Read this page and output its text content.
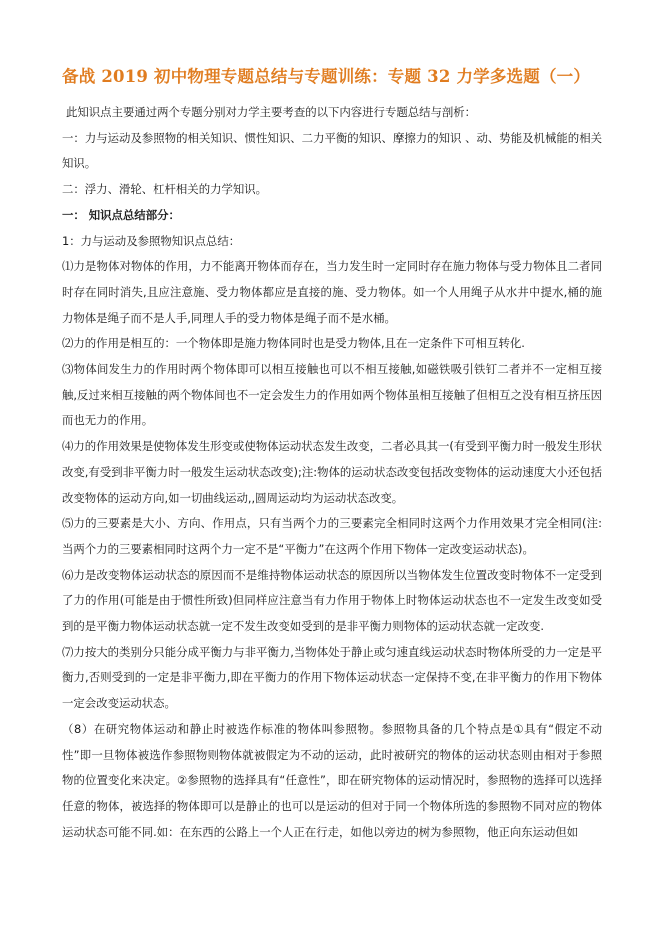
备战 2019 初中物理专题总结与专题训练：专题 32 力学多选题（一）

此知识点主要通过两个专题分别对力学主要考查的以下内容进行专题总结与剖析：

一：力与运动及参照物的相关知识、惯性知识、二力平衡的知识、摩擦力的知识 、动、势能及机械能的相关知识。

二：浮力、滑轮、杠杆相关的力学知识。

一： 知识点总结部分：

1：力与运动及参照物知识点总结：

⑴力是物体对物体的作用，力不能离开物体而存在，当力发生时一定同时存在施力物体与受力物体且二者同时存在同时消失,且应注意施、受力物体都应是直接的施、受力物体。如一个人用绳子从水井中提水,桶的施力物体是绳子而不是人手,同理人手的受力物体是绳子而不是水桶。

⑵力的作用是相互的：一个物体即是施力物体同时也是受力物体,且在一定条件下可相互转化.

⑶物体间发生力的作用时两个物体即可以相互接触也可以不相互接触,如磁铁吸引铁钉二者并不一定相互接触,反过来相互接触的两个物体间也不一定会发生力的作用如两个物体虽相互接触了但相互之没有相互挤压因而也无力的作用。

⑷力的作用效果是使物体发生形变或使物体运动状态发生改变，二者必具其一(有受到平衡力时一般发生形状改变,有受到非平衡力时一般发生运动状态改变);注:物体的运动状态改变包括改变物体的运动速度大小还包括改变物体的运动方向,如一切曲线运动,,圆周运动均为运动状态改变。

⑸力的三要素是大小、方向、作用点，只有当两个力的三要素完全相同时这两个力作用效果才完全相同(注:当两个力的三要素相同时这两个力一定不是“平衡力”在这两个作用下物体一定改变运动状态)。

⑹力是改变物体运动状态的原因而不是维持物体运动状态的原因所以当物体发生位置改变时物体不一定受到了力的作用(可能是由于惯性所致)但同样应注意当有力作用于物体上时物体运动状态也不一定发生改变如受到的是平衡力物体运动状态就一定不发生改变如受到的是非平衡力则物体的运动状态就一定改变.

⑺力按大的类别分只能分成平衡力与非平衡力,当物体处于静止或匀速直线运动状态时物体所受的力一定是平衡力,否则受到的一定是非平衡力,即在平衡力的作用下物体运动状态一定保持不变,在非平衡力的作用下物体一定会改变运动状态。

（8）在研究物体运动和静止时被选作标准的物体叫参照物。参照物具备的几个特点是①具有“假定不动性”即一旦物体被选作参照物则物体就被假定为不动的运动，此时被研究的物体的运动状态则由相对于参照物的位置变化来决定。②参照物的选择具有“任意性”，即在研究物体的运动情况时，参照物的选择可以选择任意的物体，被选择的物体即可以是静止的也可以是运动的但对于同一个物体所选的参照物不同对应的物体运动状态可能不同.如：在东西的公路上一个人正在行走，如他以旁边的树为参照物，他正向东运动但如
